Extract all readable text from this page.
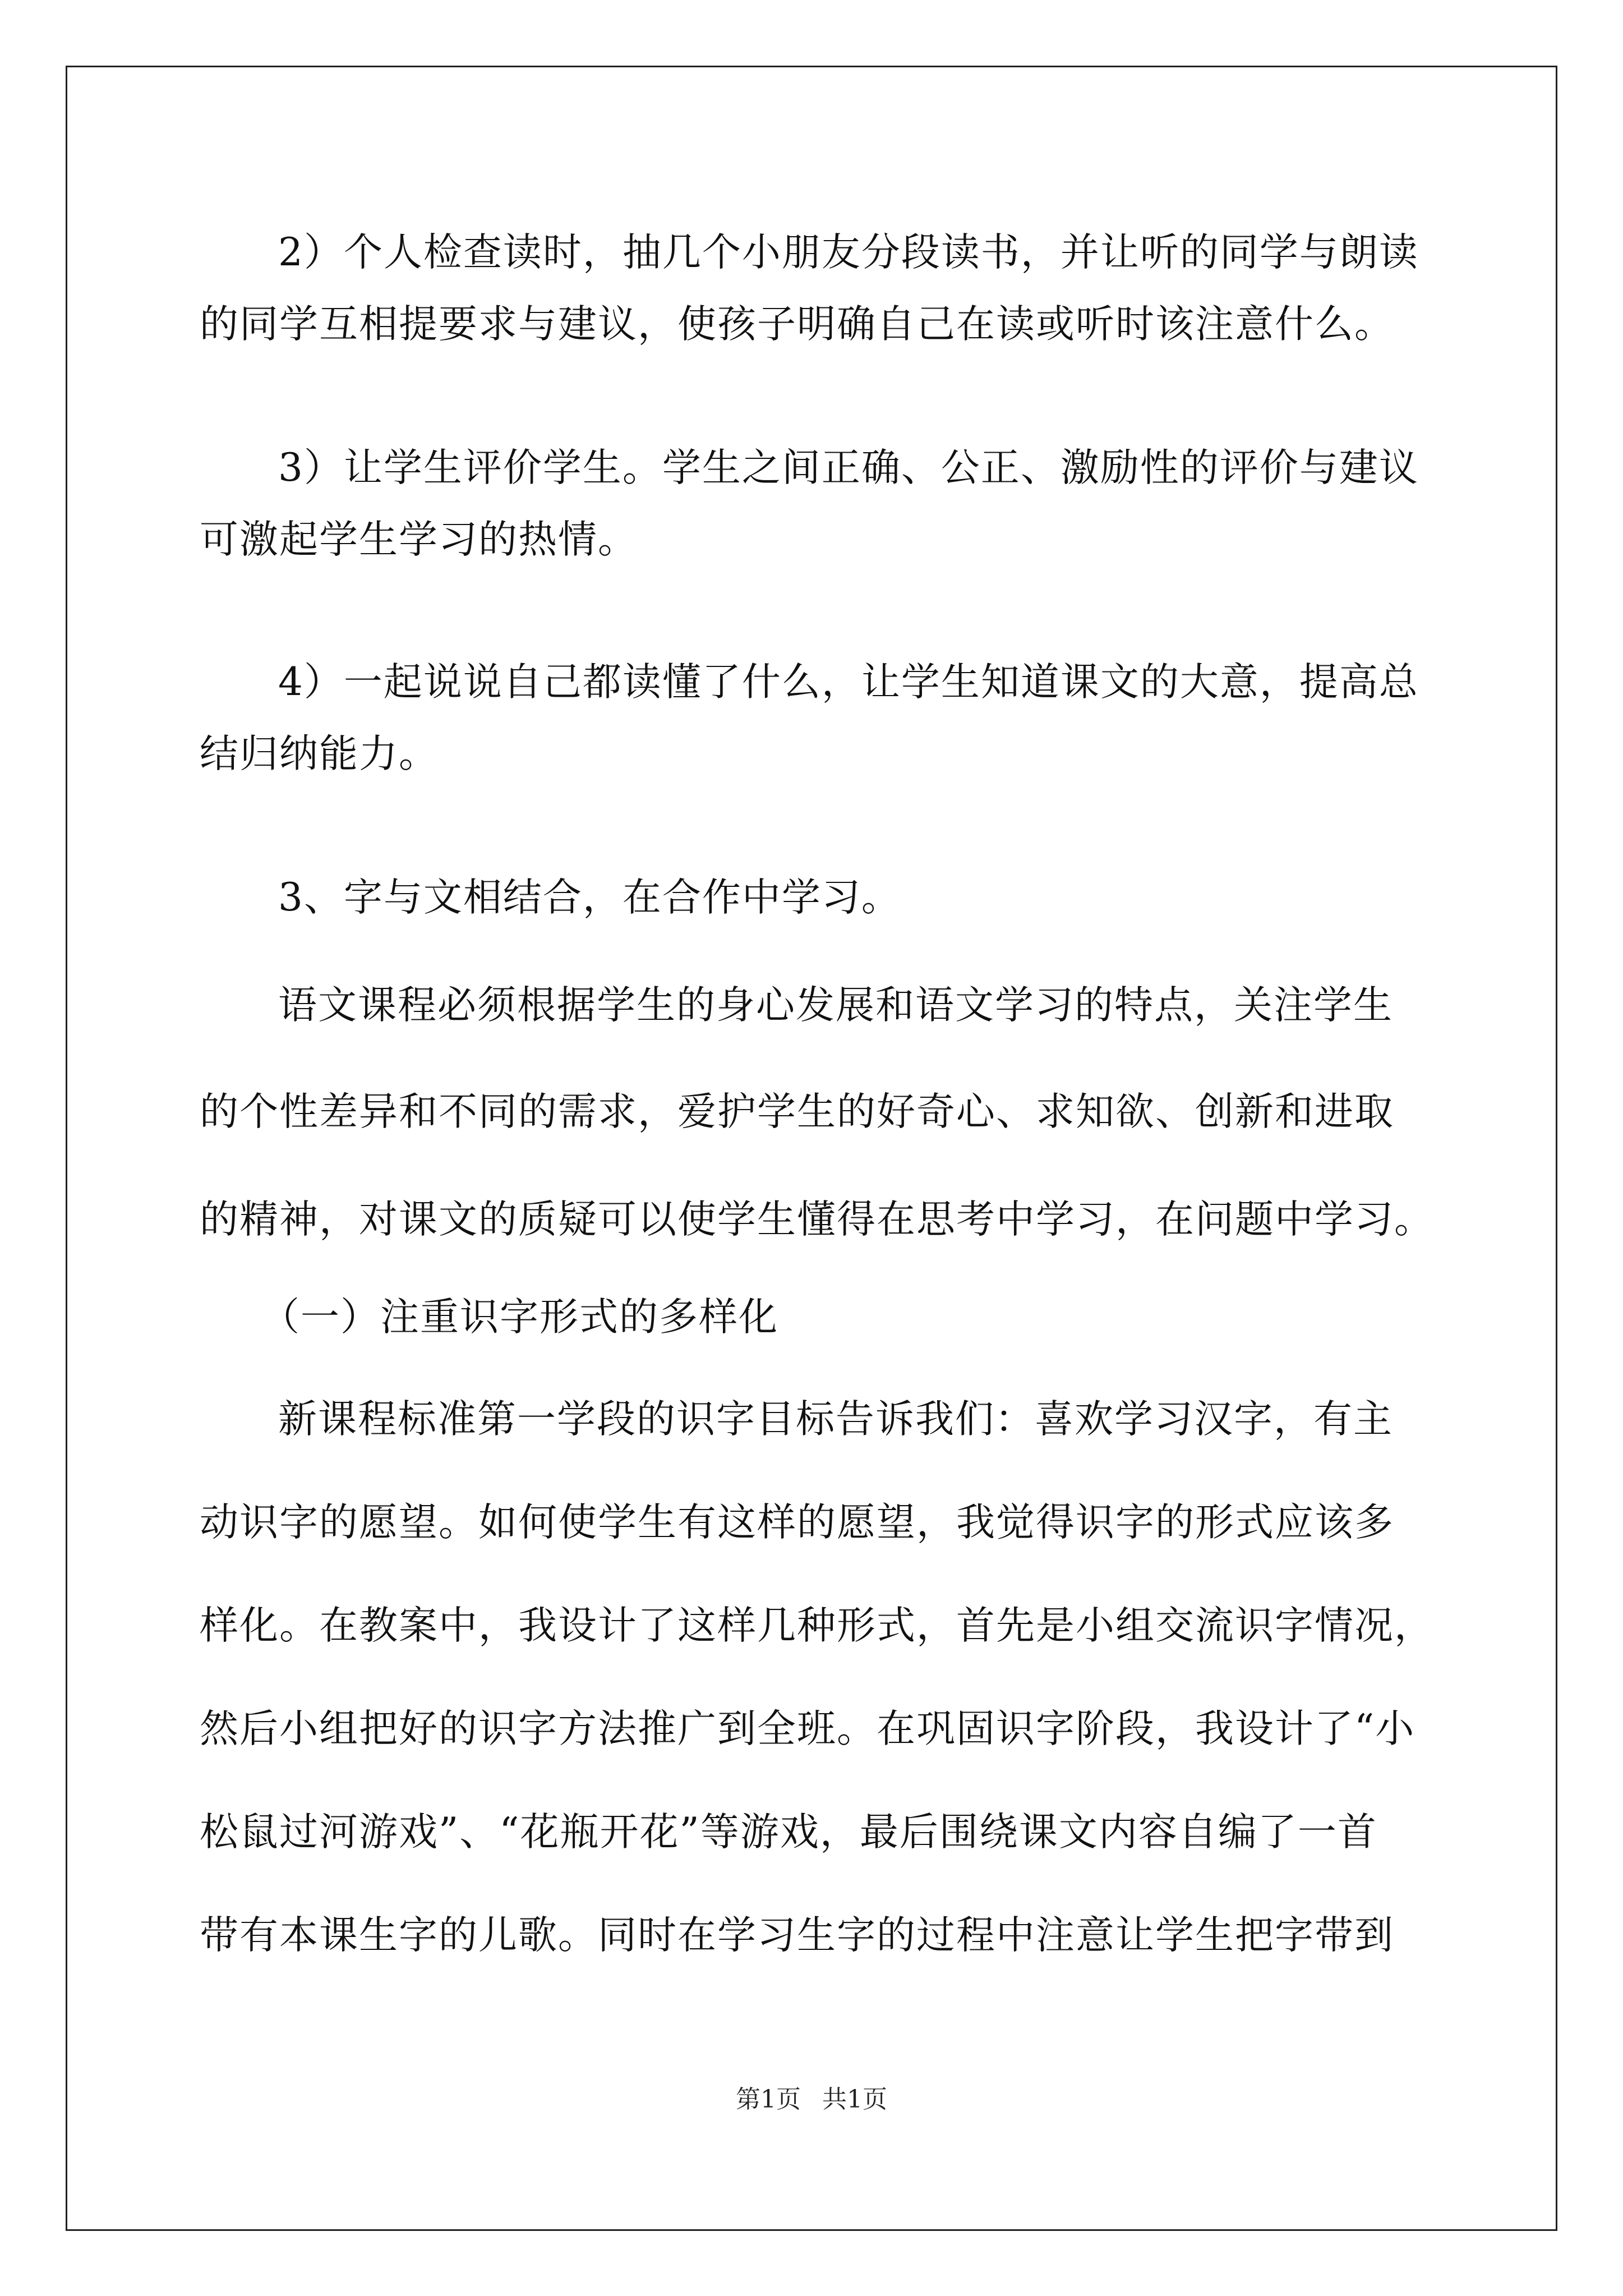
2）个人检查读时，抽几个小朋友分段读书，并让听的同学与朗读
的同学互相提要求与建议，使孩子明确自己在读或听时该注意什么。
3）让学生评价学生。学生之间正确、公正、激励性的评价与建议
可激起学生学习的热情。
4）一起说说自己都读懂了什么，让学生知道课文的大意，提高总
结归纳能力。
3、字与文相结合，在合作中学习。
语文课程必须根据学生的身心发展和语文学习的特点，关注学生
的个性差异和不同的需求，爱护学生的好奇心、求知欲、创新和进取
的精神，对课文的质疑可以使学生懂得在思考中学习，在问题中学习。
（一）注重识字形式的多样化
新课程标准第一学段的识字目标告诉我们：喜欢学习汉字，有主
动识字的愿望。如何使学生有这样的愿望，我觉得识字的形式应该多
样化。在教案中，我设计了这样几种形式，首先是小组交流识字情况，
然后小组把好的识字方法推广到全班。在巩固识字阶段，我设计了“小
松鼠过河游戏”、“花瓶开花”等游戏，最后围绕课文内容自编了一首
带有本课生字的儿歌。同时在学习生字的过程中注意让学生把字带到
第1页 共1页
